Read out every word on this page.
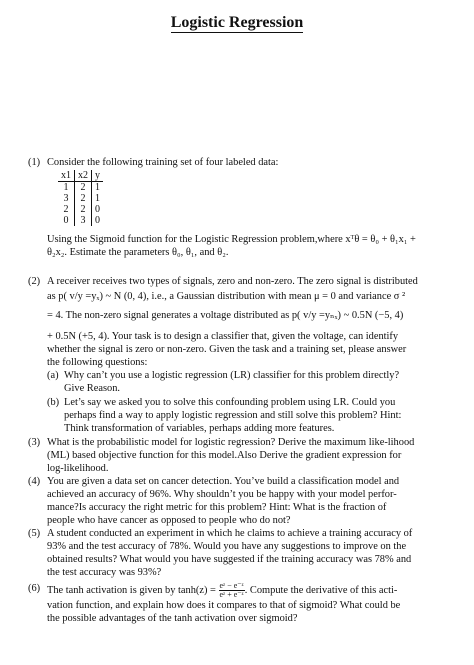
Logistic Regression
(1) Consider the following training set of four labeled data:
x1	x2	y
1	2	1
3	2	1
2	2	0
0	3	0
Using the Sigmoid function for the Logistic Regression problem,where xᵀθ = θ₀ + θ₁x₁ +
θ₂x₂. Estimate the parameters θ₀, θ₁, and θ₂.
(2) A receiver receives two types of signals, zero and non-zero. The zero signal is distributed
as p( v/y =yₓ) ~ N (0, 4), i.e., a Gaussian distribution with mean μ = 0 and variance σ ²
= 4. The non-zero signal generates a voltage distributed as p( v/y =yₙₓ) ~ 0.5N (−5, 4)
+ 0.5N (+5, 4). Your task is to design a classifier that, given the voltage, can identify
whether the signal is zero or non-zero. Given the task and a training set, please answer
the following questions:
(a) Why can’t you use a logistic regression (LR) classifier for this problem directly?
Give Reason.
(b) Let’s say we asked you to solve this confounding problem using LR. Could you
perhaps find a way to apply logistic regression and still solve this problem? Hint:
Think transformation of variables, perhaps adding more features.
(3) What is the probabilistic model for logistic regression? Derive the maximum like-lihood
(ML) based objective function for this model.Also Derive the gradient expression for
log-likelihood.
(4) You are given a data set on cancer detection. You’ve build a classification model and
achieved an accuracy of 96%. Why shouldn’t you be happy with your model perfor-
mance?Is accuracy the right metric for this problem? Hint: What is the fraction of
people who have cancer as opposed to people who do not?
(5) A student conducted an experiment in which he claims to achieve a training accuracy of
93% and the test accuracy of 78%. Would you have any suggestions to improve on the
obtained results? What would you have suggested if the training accuracy was 78% and
the test accuracy was 93%?
(6) The tanh activation is given by $\tanh(z) = \frac{\text{eᶻ − e⁻ᶻ}}{\text{eᶻ + e⁻ᶻ}}$ . Compute the derivative of this acti-
vation function, and explain how does it compares to that of sigmoid? What could be
the possible advantages of the tanh activation over sigmoid?
